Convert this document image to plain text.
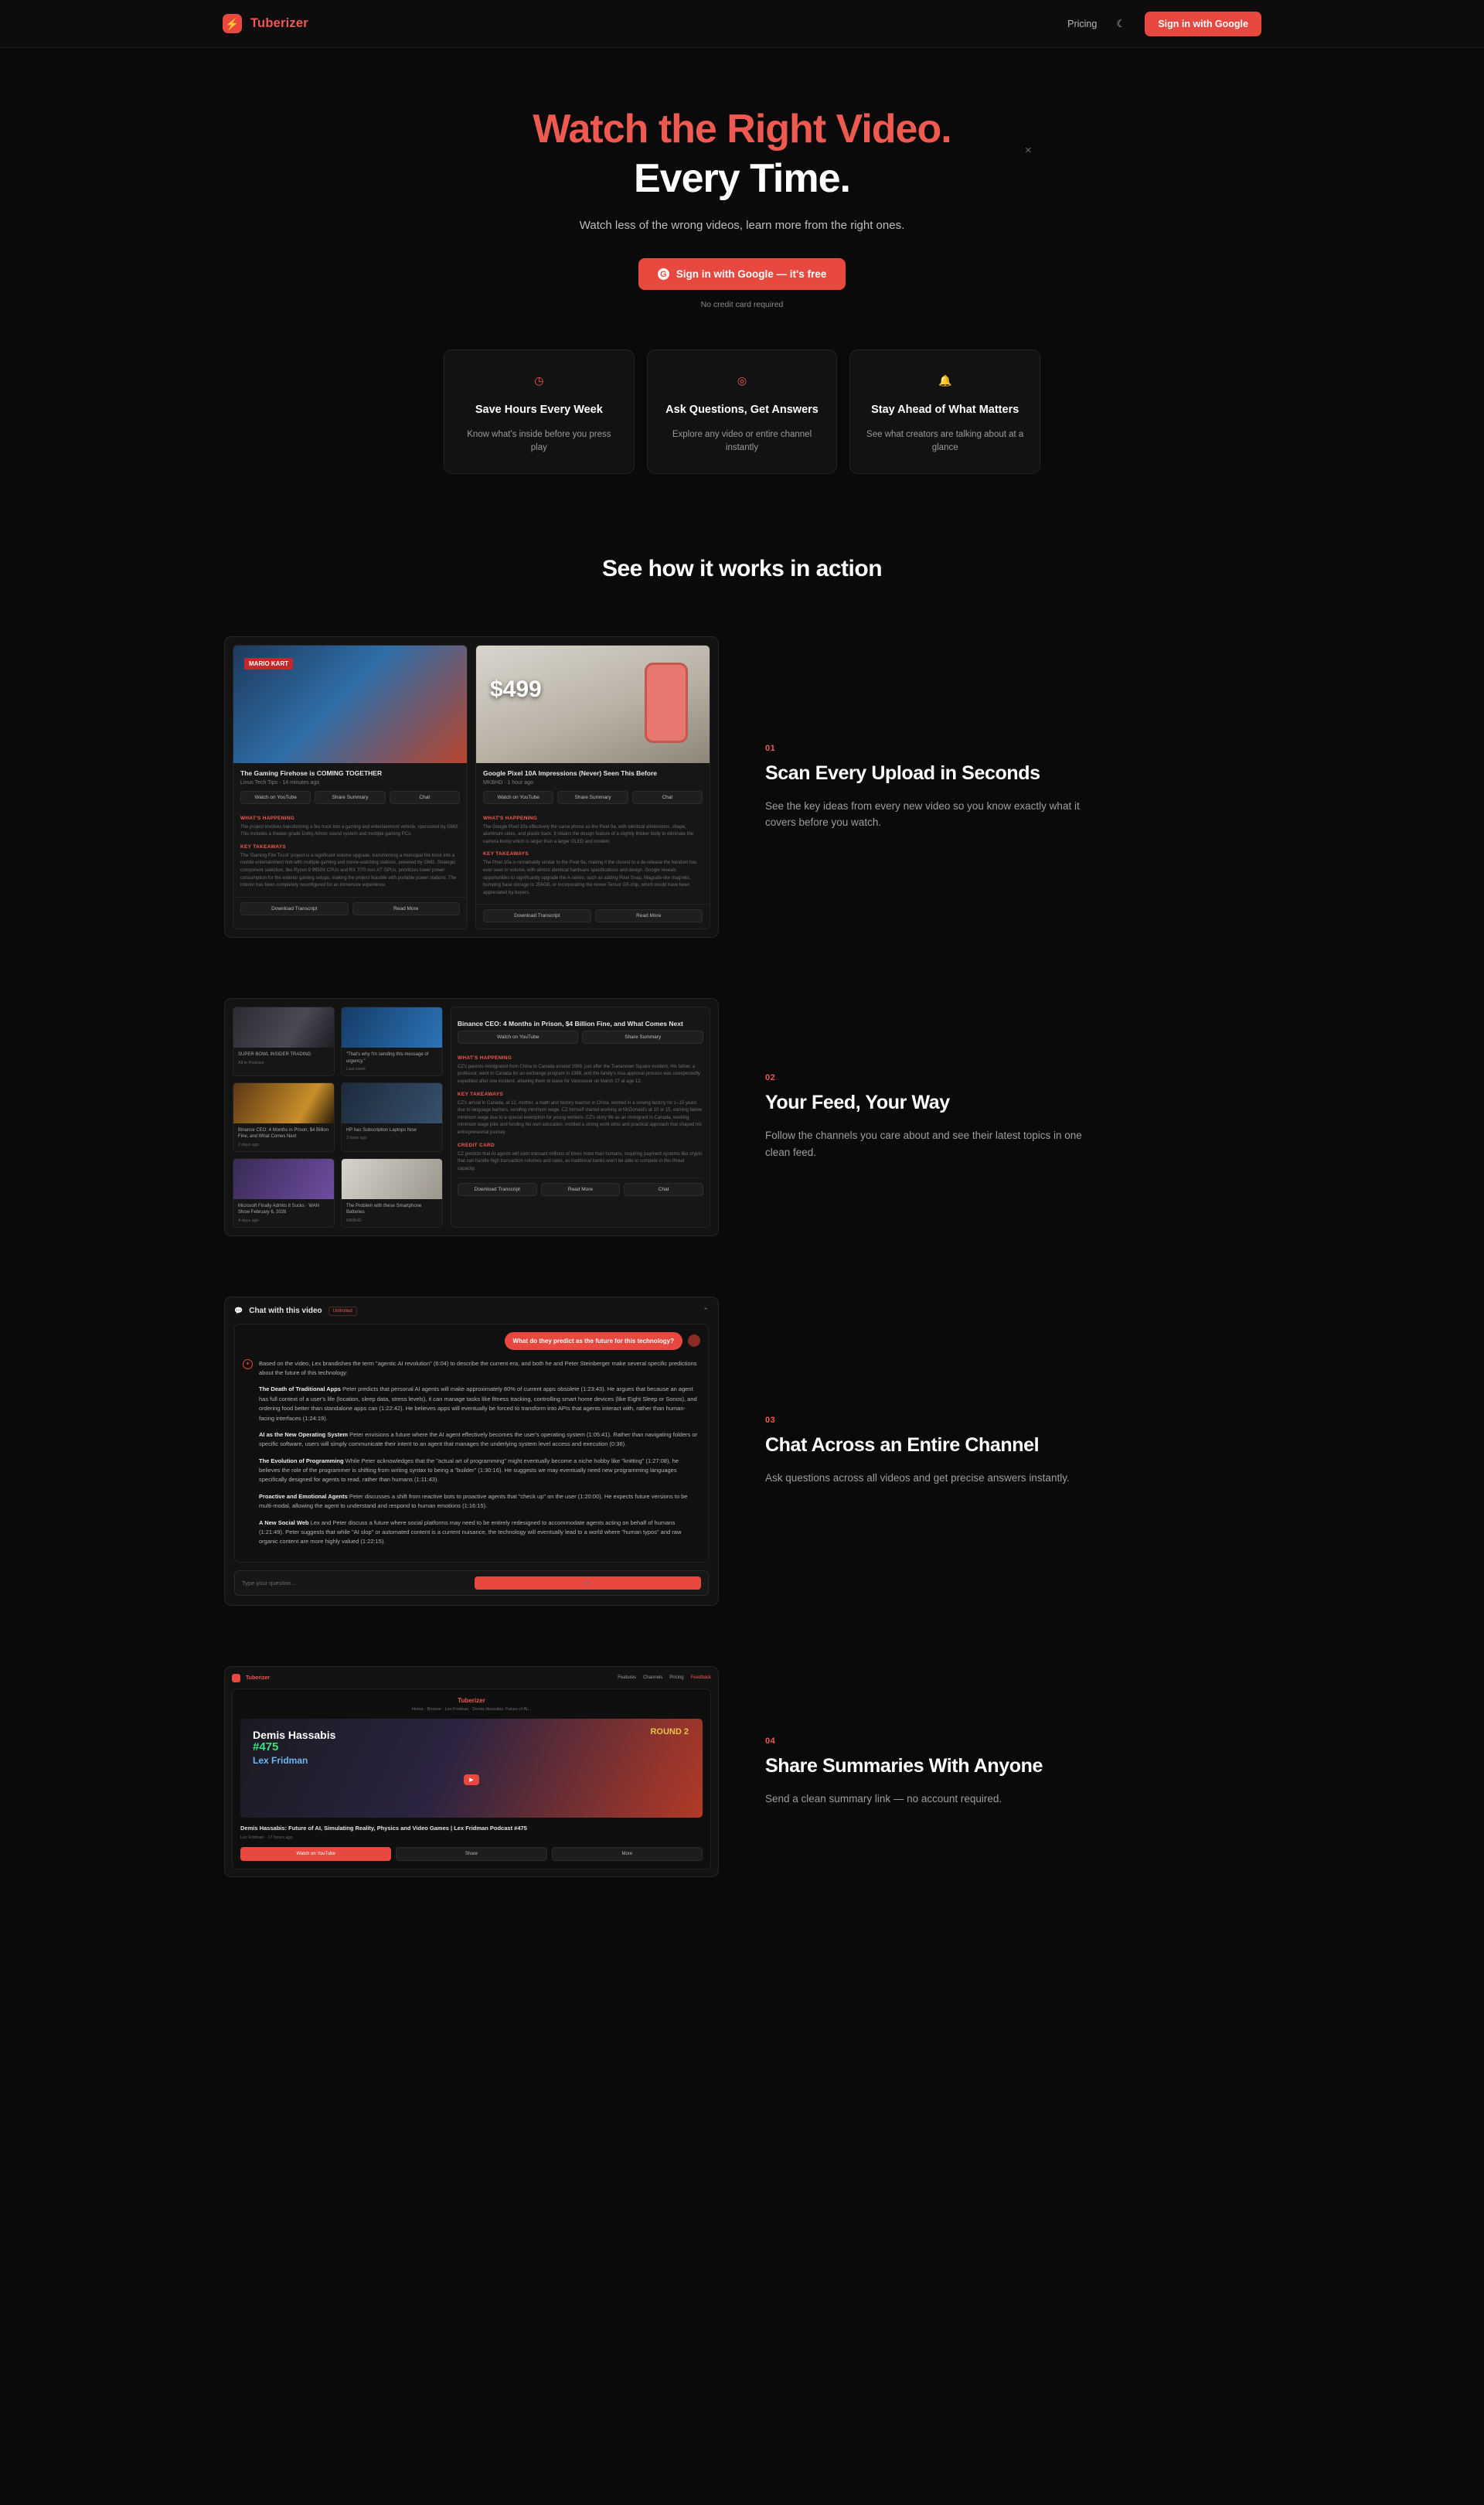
⚡ Tuberizer	Pricing ☾	Sign in with Google
×
Watch the Right Video.
Every Time.
Watch less of the wrong videos, learn more from the right ones.
G Sign in with Google — it's free
No credit card required
◷
Save Hours Every Week
Know what's inside before you press play
◎
Ask Questions, Get Answers
Explore any video or entire channel instantly
🔔
Stay Ahead of What Matters
See what creators are talking about at a glance
See how it works in action
01
Scan Every Upload in Seconds
See the key ideas from every new video so you know exactly what it covers before you watch.
MARIO KART
The Gaming Firehose is COMING TOGETHER
Linus Tech Tips · 14 minutes ago
Watch on YouTube	Share Summary	Chat
WHAT'S HAPPENING
The project involves transforming a fire truck into a gaming and entertainment vehicle, sponsored by GMG. This includes a theater-grade Dolby Atmos sound system and multiple gaming PCs.
KEY TAKEAWAYS
The 'Gaming Fire Truck' project is a significant volume upgrade, transforming a municipal fire truck into a mobile entertainment hub with multiple gaming and movie-watching stations, powered by GMG. Strategic component selection, like Ryzen 9 9950X CPUs and RX 7/70 non-XT GPUs, prioritizes lower power consumption for the exterior gaming setups, making the project feasible with portable power stations. The interior has been completely reconfigured for an immersive experience.
Download Transcript	Read More
$499
Google Pixel 10A Impressions (Never) Seen This Before
MKBHD · 1 hour ago
Watch on YouTube	Share Summary	Chat
WHAT'S HAPPENING
The Google Pixel 10a effectively the same phone as the Pixel 9a, with identical dimensions, shape, aluminum sides, and plastic back. It retains the design feature of a slightly thicker body to eliminate the camera bump which is larger than a larger OLED and modem.
KEY TAKEAWAYS
The Pixel 10a is remarkably similar to the Pixel 9a, making it the closest to a de-release the handset has ever seen in volume, with almost identical hardware specifications and design. Google reveals opportunities to significantly upgrade the A-series, such as adding Pixel Snap, Magsafe-like magnets, bumping base storage to 256GB, or incorporating the newer Tensor G5 chip, which would have been appreciated by buyers.
Download Transcript	Read More
SUPER BOWL INSIDER TRADING
All In Podcast
"That's why I'm sending this message of urgency."
Last week
Binance CEO: 4 Months in Prison, $4 Billion Fine, and What Comes Next
2 days ago
HP has Subscription Laptops Now
3 days ago
Microsoft Finally Admits It Sucks · WAN Show February 6, 2026
4 days ago
The Problem with these Smartphone Batteries
MKBHD
Binance CEO: 4 Months in Prison, $4 Billion Fine, and What Comes Next
Watch on YouTube	Share Summary
WHAT'S HAPPENING
CZ's parents immigrated from China to Canada around 1989, just after the Tiananmen Square incident. His father, a professor, went to Canada for an exchange program in 1989, and the family's visa approval process was unexpectedly expedited after one incident, allowing them to leave for Vancouver on March 27 at age 12.
KEY TAKEAWAYS
CZ's arrival in Canada, at 12, mother, a math and history teacher in China, worked in a sewing factory for 1–15 years due to language barriers, sending minimum wage. CZ himself started working at McDonald's at 10 or 15, earning below minimum wage due to a special exemption for young workers. CZ's story life as an immigrant in Canada, working minimum wage jobs and funding his own education, instilled a strong work ethic and practical approach that shaped his entrepreneurial journey.
CREDIT CARD
CZ predicts that AI agents will soon transact millions of times more than humans, requiring payment systems like crypto that can handle high transaction volumes and rates, as traditional banks won't be able to compete in this threat capacity.
Download Transcript	Read More	Chat
02
Your Feed, Your Way
Follow the channels you care about and see their latest topics in one clean feed.
03
Chat Across an Entire Channel
Ask questions across all videos and get precise answers instantly.
💬 Chat with this video	Unlimited	⌃
What do they predict as the future for this technology?
✶	Based on the video, Lex brandishes the term "agentic AI revolution" (6:04) to describe the current era, and both he and Peter Steinberger make several specific predictions about the future of this technology:

The Death of Traditional Apps Peter predicts that personal AI agents will make approximately 80% of current apps obsolete (1:23:43). He argues that because an agent has full context of a user's life (location, sleep data, stress levels), it can manage tasks like fitness tracking, controlling smart home devices (like Eight Sleep or Sonos), and ordering food better than standalone apps can (1:22:42). He believes apps will eventually be forced to transform into APIs that agents interact with, rather than human-facing interfaces (1:24:19).

AI as the New Operating System Peter envisions a future where the AI agent effectively becomes the user's operating system (1:05:41). Rather than navigating folders or specific software, users will simply communicate their intent to an agent that manages the underlying system level access and execution (0:36).

The Evolution of Programming While Peter acknowledges that the "actual art of programming" might eventually become a niche hobby like "knitting" (1:27:08), he believes the role of the programmer is shifting from writing syntax to being a "builder" (1:30:16). He suggests we may eventually need new programming languages specifically designed for agents to read, rather than humans (1:11:43).

Proactive and Emotional Agents Peter discusses a shift from reactive bots to proactive agents that "check up" on the user (1:20:00). He expects future versions to be multi-modal, allowing the agent to understand and respond to human emotions (1:16:15).

A New Social Web Lex and Peter discuss a future where social platforms may need to be entirely redesigned to accommodate agents acting on behalf of humans (1:21:49). Peter suggests that while "AI slop" or automated content is a current nuisance, the technology will eventually lead to a world where "human typos" and raw organic content are more highly valued (1:22:15).

Type your question...	➤
Tuberizer	Features Channels Pricing Feedback
Tuberizer
Home · Browse · Lex Fridman · Demis Hassabis: Future of AI...
Demis Hassabis
#475
Lex Fridman
ROUND 2
▶
Demis Hassabis: Future of AI, Simulating Reality, Physics and Video Games | Lex Fridman Podcast #475
Lex Fridman · 17 hours ago
Watch on YouTube	Share	More
04
Share Summaries With Anyone
Send a clean summary link — no account required.
